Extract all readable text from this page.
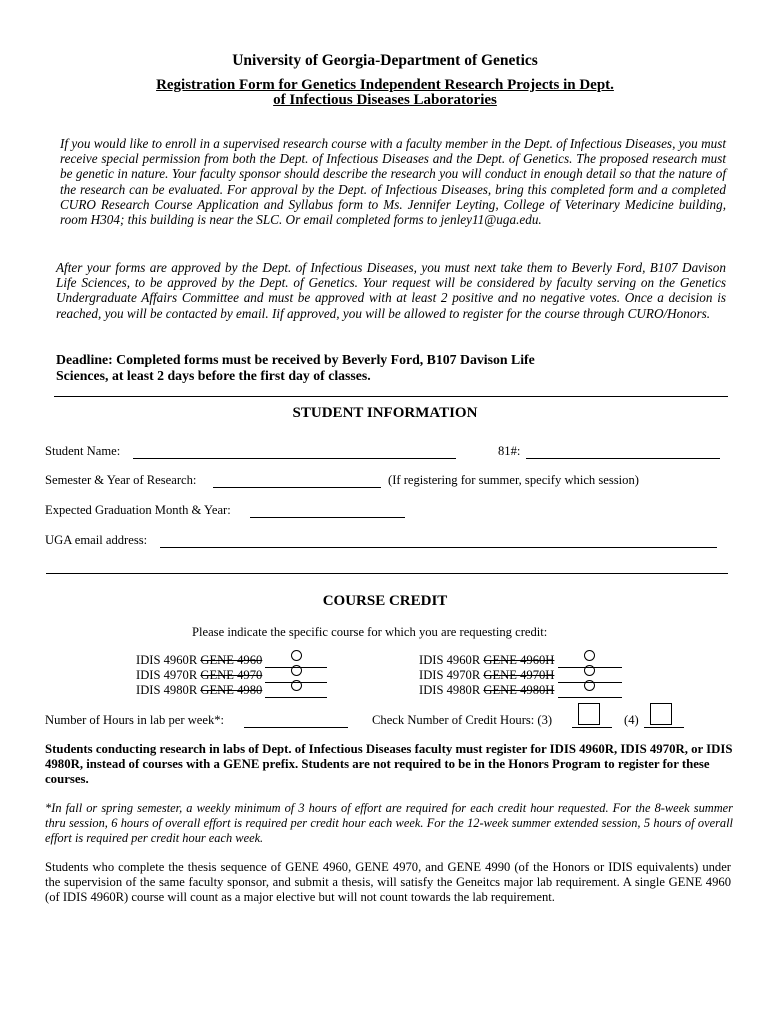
University of Georgia-Department of Genetics
Registration Form for Genetics Independent Research Projects in Dept.
of Infectious Diseases Laboratories
If you would like to enroll in a supervised research course with a faculty member in the Dept. of Infectious Diseases, you must receive special permission from both the Dept. of Infectious Diseases and the Dept. of Genetics. The proposed research must be genetic in nature. Your faculty sponsor should describe the research you will conduct in enough detail so that the nature of the research can be evaluated. For approval by the Dept. of Infectious Diseases, bring this completed form and a completed CURO Research Course Application and Syllabus form to Ms. Jennifer Leyting, College of Veterinary Medicine building, room H304; this building is near the SLC. Or email completed forms to jenley11@uga.edu.
After your forms are approved by the Dept. of Infectious Diseases, you must next take them to Beverly Ford, B107 Davison Life Sciences, to be approved by the Dept. of Genetics. Your request will be considered by faculty serving on the Genetics Undergraduate Affairs Committee and must be approved with at least 2 positive and no negative votes. Once a decision is reached, you will be contacted by email. Iif approved, you will be allowed to register for the course through CURO/Honors.
Deadline: Completed forms must be received by Beverly Ford, B107 Davison Life
Sciences, at least 2 days before the first day of classes.
STUDENT INFORMATION
Student Name:	81#:
Semester & Year of Research:	(If registering for summer, specify which session)
Expected Graduation Month & Year:
UGA email address:
COURSE CREDIT
Please indicate the specific course for which you are requesting credit:
IDIS 4960R GENE 4960
IDIS 4970R GENE 4970
IDIS 4980R GENE 4980
IDIS 4960R GENE 4960H
IDIS 4970R GENE 4970H
IDIS 4980R GENE 4980H
Number of Hours in lab per week*:	Check Number of Credit Hours: (3)	(4)
Students conducting research in labs of Dept. of Infectious Diseases faculty must register for IDIS 4960R, IDIS 4970R, or IDIS 4980R, instead of courses with a GENE prefix. Students are not required to be in the Honors Program to register for these courses.
*In fall or spring semester, a weekly minimum of 3 hours of effort are required for each credit hour requested. For the 8-week summer thru session, 6 hours of overall effort is required per credit hour each week. For the 12-week summer extended session, 5 hours of overall effort is required per credit hour each week.
Students who complete the thesis sequence of GENE 4960, GENE 4970, and GENE 4990 (of the Honors or IDIS equivalents) under the supervision of the same faculty sponsor, and submit a thesis, will satisfy the Geneitcs major lab requirement. A single GENE 4960 (of IDIS 4960R) course will count as a major elective but will not count towards the lab requirement.
